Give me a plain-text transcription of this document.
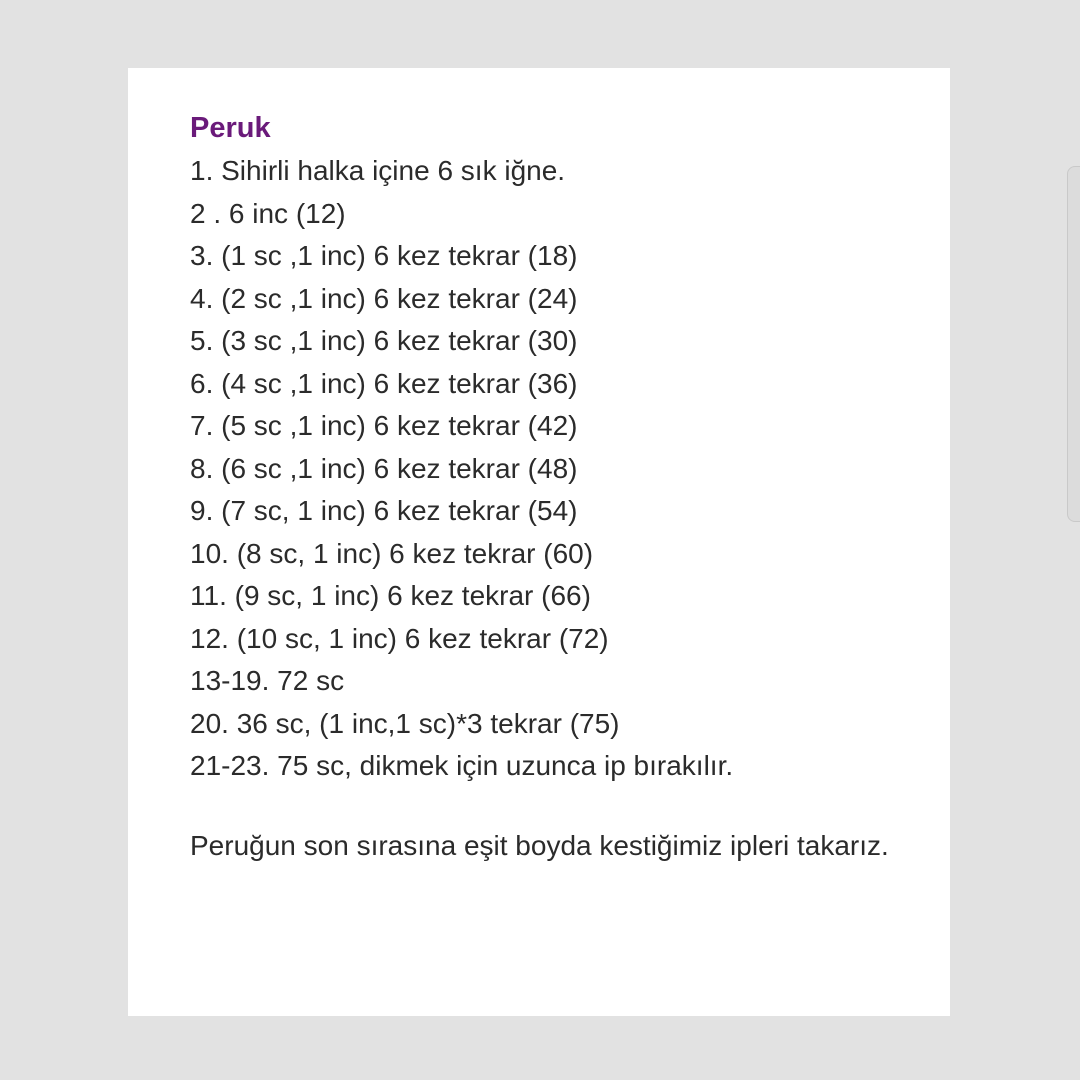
Peruk
1. Sihirli halka içine 6 sık iğne.
2 . 6 inc (12)
3. (1 sc ,1 inc) 6 kez tekrar (18)
4. (2 sc ,1 inc) 6 kez tekrar (24)
5. (3 sc ,1 inc) 6 kez tekrar (30)
6. (4 sc ,1 inc) 6 kez tekrar (36)
7. (5 sc ,1 inc) 6 kez tekrar (42)
8. (6 sc ,1 inc) 6 kez tekrar (48)
9. (7 sc, 1 inc) 6 kez tekrar (54)
10. (8 sc, 1 inc) 6 kez tekrar (60)
11. (9 sc, 1 inc) 6 kez tekrar (66)
12. (10 sc, 1 inc) 6 kez tekrar (72)
13-19. 72 sc
20. 36 sc, (1 inc,1 sc)*3 tekrar (75)
21-23. 75 sc, dikmek için uzunca ip bırakılır.

Peruğun son sırasına eşit boyda kestiğimiz ipleri takarız.
